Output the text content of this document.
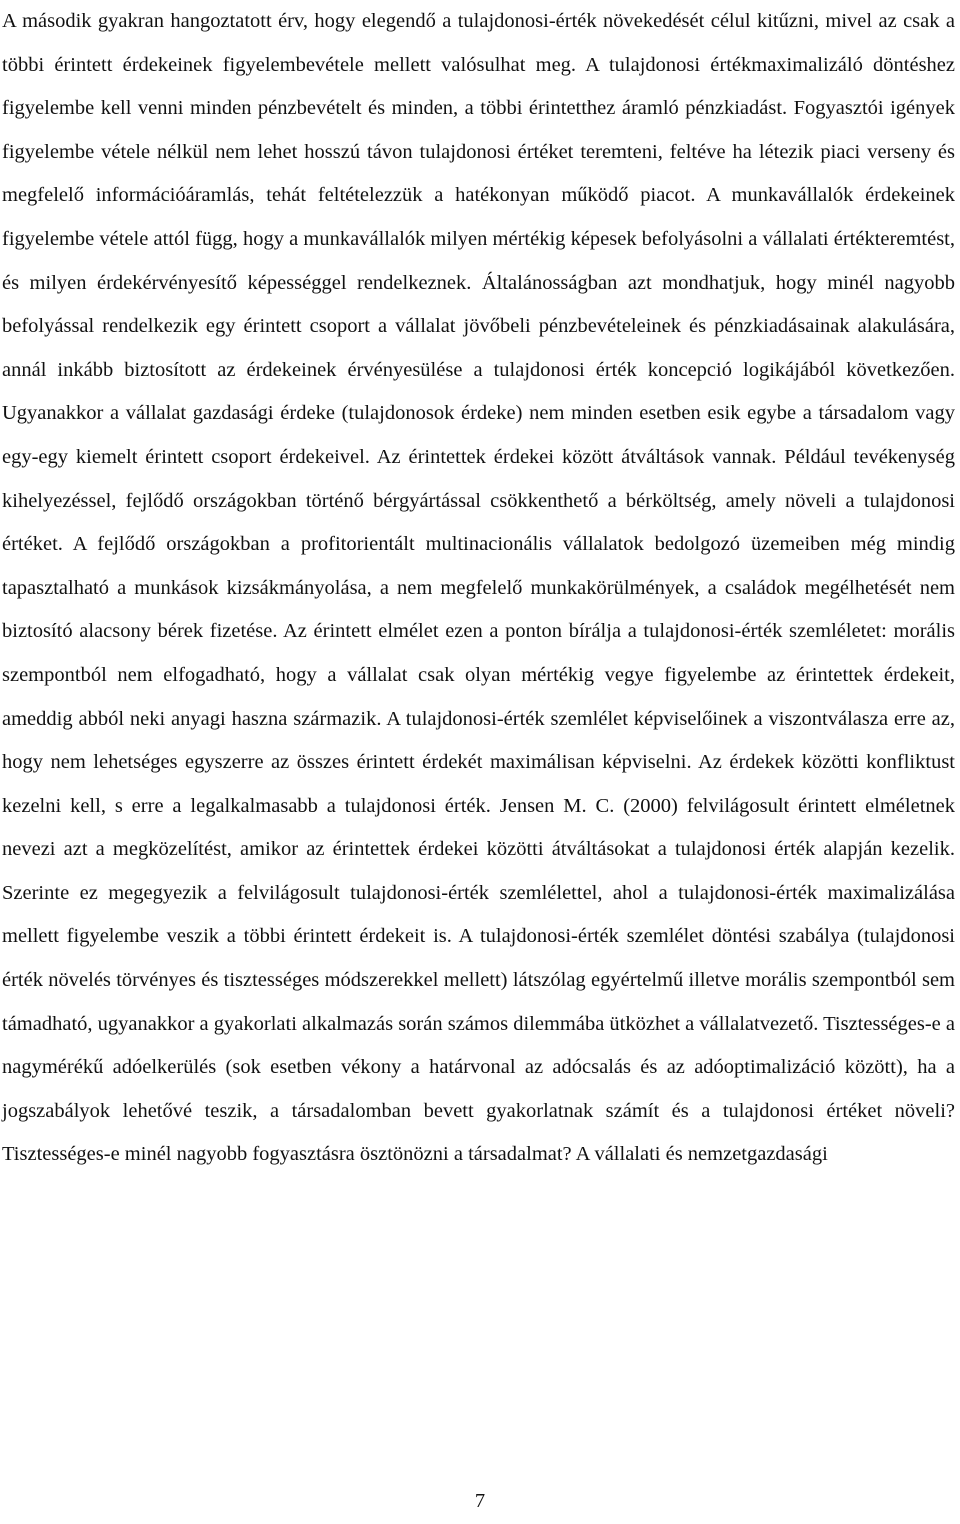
A második gyakran hangoztatott érv, hogy elegendő a tulajdonosi-érték növekedését célul kitűzni, mivel az csak a többi érintett érdekeinek figyelembevétele mellett valósulhat meg. A tulajdonosi értékmaximalizáló döntéshez figyelembe kell venni minden pénzbevételt és minden, a többi érintetthez áramló pénzkiadást. Fogyasztói igények figyelembe vétele nélkül nem lehet hosszú távon tulajdonosi értéket teremteni, feltéve ha létezik piaci verseny és megfelelő információáramlás, tehát feltételezzük a hatékonyan működő piacot. A munkavállalók érdekeinek figyelembe vétele attól függ, hogy a munkavállalók milyen mértékig képesek befolyásolni a vállalati értékteremtést, és milyen érdekérvényesítő képességgel rendelkeznek. Általánosságban azt mondhatjuk, hogy minél nagyobb befolyással rendelkezik egy érintett csoport a vállalat jövőbeli pénzbevételeinek és pénzkiadásainak alakulására, annál inkább biztosított az érdekeinek érvényesülése a tulajdonosi érték koncepció logikájából következően. Ugyanakkor a vállalat gazdasági érdeke (tulajdonosok érdeke) nem minden esetben esik egybe a társadalom vagy egy-egy kiemelt érintett csoport érdekeivel. Az érintettek érdekei között átváltások vannak. Például tevékenység kihelyezéssel, fejlődő országokban történő bérgyártással csökkenthető a bérköltség, amely növeli a tulajdonosi értéket. A fejlődő országokban a profitorientált multinacionális vállalatok bedolgozó üzemeiben még mindig tapasztalható a munkások kizsákmányolása, a nem megfelelő munkakörülmények, a családok megélhetését nem biztosító alacsony bérek fizetése. Az érintett elmélet ezen a ponton bírálja a tulajdonosi-érték szemléletet: morális szempontból nem elfogadható, hogy a vállalat csak olyan mértékig vegye figyelembe az érintettek érdekeit, ameddig abból neki anyagi haszna származik. A tulajdonosi-érték szemlélet képviselőinek a viszontválasza erre az, hogy nem lehetséges egyszerre az összes érintett érdekét maximálisan képviselni. Az érdekek közötti konfliktust kezelni kell, s erre a legalkalmasabb a tulajdonosi érték. Jensen M. C. (2000) felvilágosult érintett elméletnek nevezi azt a megközelítést, amikor az érintettek érdekei közötti átváltásokat a tulajdonosi érték alapján kezelik. Szerinte ez megegyezik a felvilágosult tulajdonosi-érték szemlélettel, ahol a tulajdonosi-érték maximalizálása mellett figyelembe veszik a többi érintett érdekeit is. A tulajdonosi-érték szemlélet döntési szabálya (tulajdonosi érték növelés törvényes és tisztességes módszerekkel mellett) látszólag egyértelmű illetve morális szempontból sem támadható, ugyanakkor a gyakorlati alkalmazás során számos dilemmába ütközhet a vállalatvezető. Tisztességes-e a nagymérékű adóelkerülés (sok esetben vékony a határvonal az adócsalás és az adóoptimalizáció között), ha a jogszabályok lehetővé teszik, a társadalomban bevett gyakorlatnak számít és a tulajdonosi értéket növeli? Tisztességes-e minél nagyobb fogyasztásra ösztönözni a társadalmat? A vállalati és nemzetgazdasági

7
